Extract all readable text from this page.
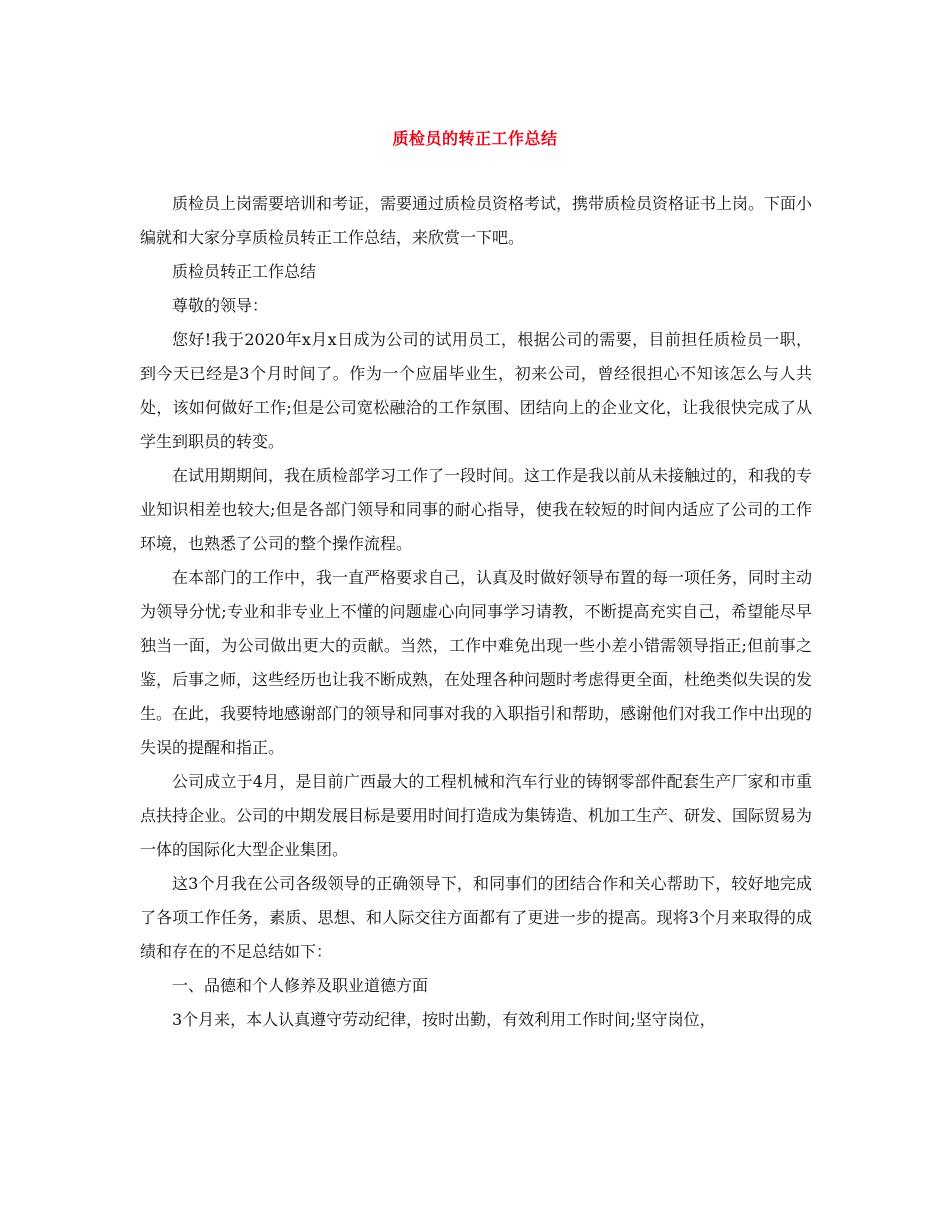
质检员的转正工作总结

质检员上岗需要培训和考证，需要通过质检员资格考试，携带质检员资格证书上岗。下面小编就和大家分享质检员转正工作总结，来欣赏一下吧。

质检员转正工作总结

尊敬的领导：

您好!我于2020年x月x日成为公司的试用员工，根据公司的需要，目前担任质检员一职，到今天已经是3个月时间了。作为一个应届毕业生，初来公司，曾经很担心不知该怎么与人共处，该如何做好工作;但是公司宽松融洽的工作氛围、团结向上的企业文化，让我很快完成了从学生到职员的转变。

在试用期期间，我在质检部学习工作了一段时间。这工作是我以前从未接触过的，和我的专业知识相差也较大;但是各部门领导和同事的耐心指导，使我在较短的时间内适应了公司的工作环境，也熟悉了公司的整个操作流程。

在本部门的工作中，我一直严格要求自己，认真及时做好领导布置的每一项任务，同时主动为领导分忧;专业和非专业上不懂的问题虚心向同事学习请教，不断提高充实自己，希望能尽早独当一面，为公司做出更大的贡献。当然，工作中难免出现一些小差小错需领导指正;但前事之鉴，后事之师，这些经历也让我不断成熟，在处理各种问题时考虑得更全面，杜绝类似失误的发生。在此，我要特地感谢部门的领导和同事对我的入职指引和帮助，感谢他们对我工作中出现的失误的提醒和指正。

公司成立于4月，是目前广西最大的工程机械和汽车行业的铸钢零部件配套生产厂家和市重点扶持企业。公司的中期发展目标是要用时间打造成为集铸造、机加工生产、研发、国际贸易为一体的国际化大型企业集团。

这3个月我在公司各级领导的正确领导下，和同事们的团结合作和关心帮助下，较好地完成了各项工作任务，素质、思想、和人际交往方面都有了更进一步的提高。现将3个月来取得的成绩和存在的不足总结如下：

一、品德和个人修养及职业道德方面

3个月来，本人认真遵守劳动纪律，按时出勤，有效利用工作时间;坚守岗位，
